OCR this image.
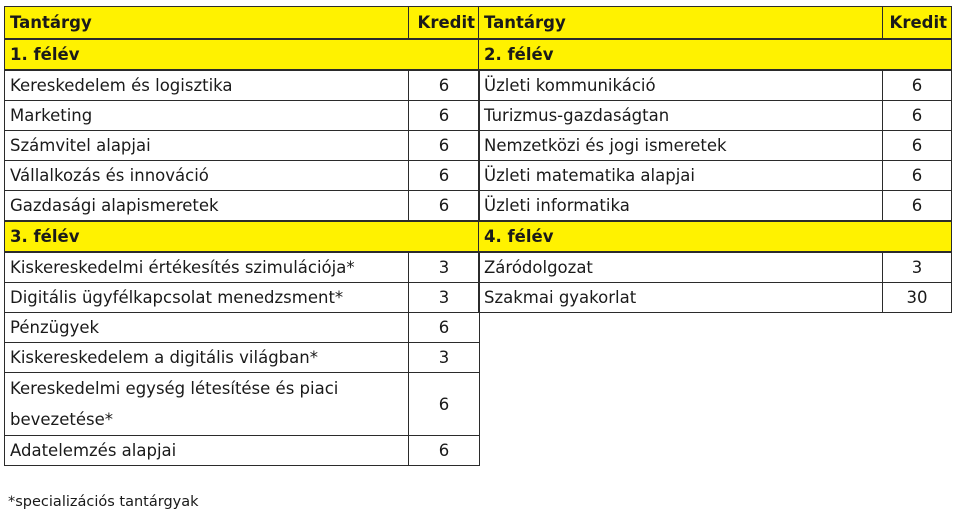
Tantárgy	Kredit
1. félév	
Kereskedelem és logisztika	6
Marketing	6
Számvitel alapjai	6
Vállalkozás és innováció	6
Gazdasági alapismeretek	6
3. félév	
Kiskereskedelmi értékesítés szimulációja*	3
Digitális ügyfélkapcsolat menedzsment*	3
Pénzügyek	6
Kiskereskedelem a digitális világban*	3
Kereskedelmi egység létesítése és piaci bevezetése*	6
Adatelemzés alapjai	6
Tantárgy	Kredit
2. félév	
Üzleti kommunikáció	6
Turizmus-gazdaságtan	6
Nemzetközi és jogi ismeretek	6
Üzleti matematika alapjai	6
Üzleti informatika	6
4. félév	
Záródolgozat	3
Szakmai gyakorlat	30
*specializációs tantárgyak
